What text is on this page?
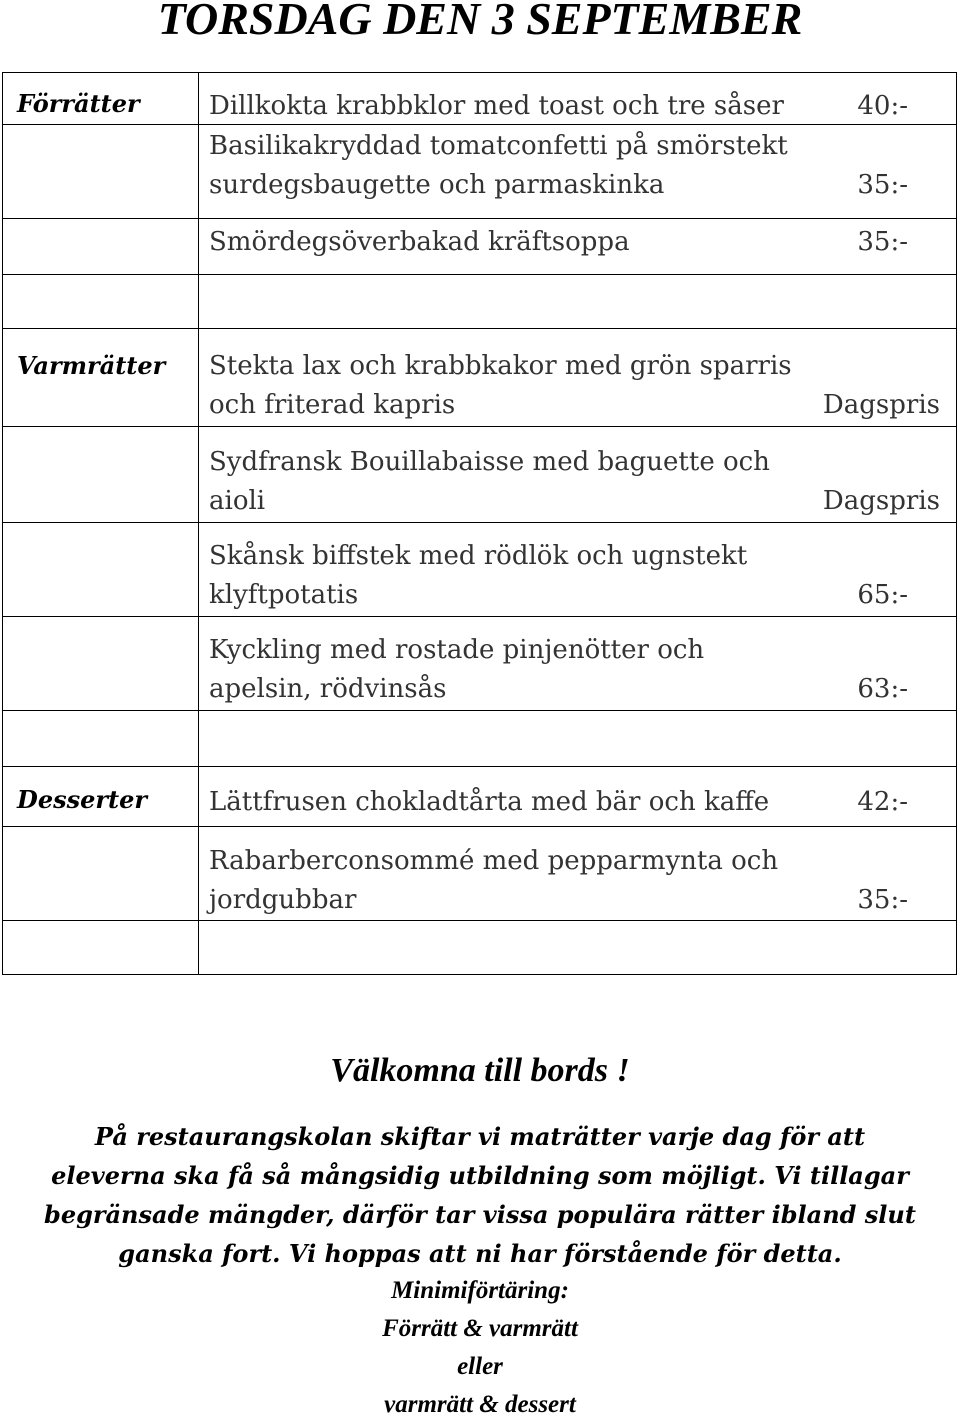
TORSDAG DEN 3 SEPTEMBER
Förrätter	Dillkokta krabbklor med toast och tre såser 40:-

	Basilikakryddad tomatconfetti på smörstekt
surdegsbaugette och parmaskinka 35:-

	Smördegsöverbakad kräftsoppa 35:-

Varmrätter	Stekta lax och krabbkakor med grön sparris
och friterad kapris Dagspris

	Sydfransk Bouillabaisse med baguette och
aioli Dagspris

	Skånsk biffstek med rödlök och ugnstekt
klyftpotatis 65:-

	Kyckling med rostade pinjenötter och
apelsin, rödvinsås 63:-

Desserter	Lättfrusen chokladtårta med bär och kaffe 42:-

	Rabarberconsommé med pepparmynta och
jordgubbar 35:-

Välkomna till bords !
På restaurangskolan skiftar vi maträtter varje dag för att
eleverna ska få så mångsidig utbildning som möjligt. Vi tillagar
begränsade mängder, därför tar vissa populära rätter ibland slut
ganska fort. Vi hoppas att ni har förstående för detta.
Minimiförtäring:
Förrätt & varmrätt
eller
varmrätt & dessert
